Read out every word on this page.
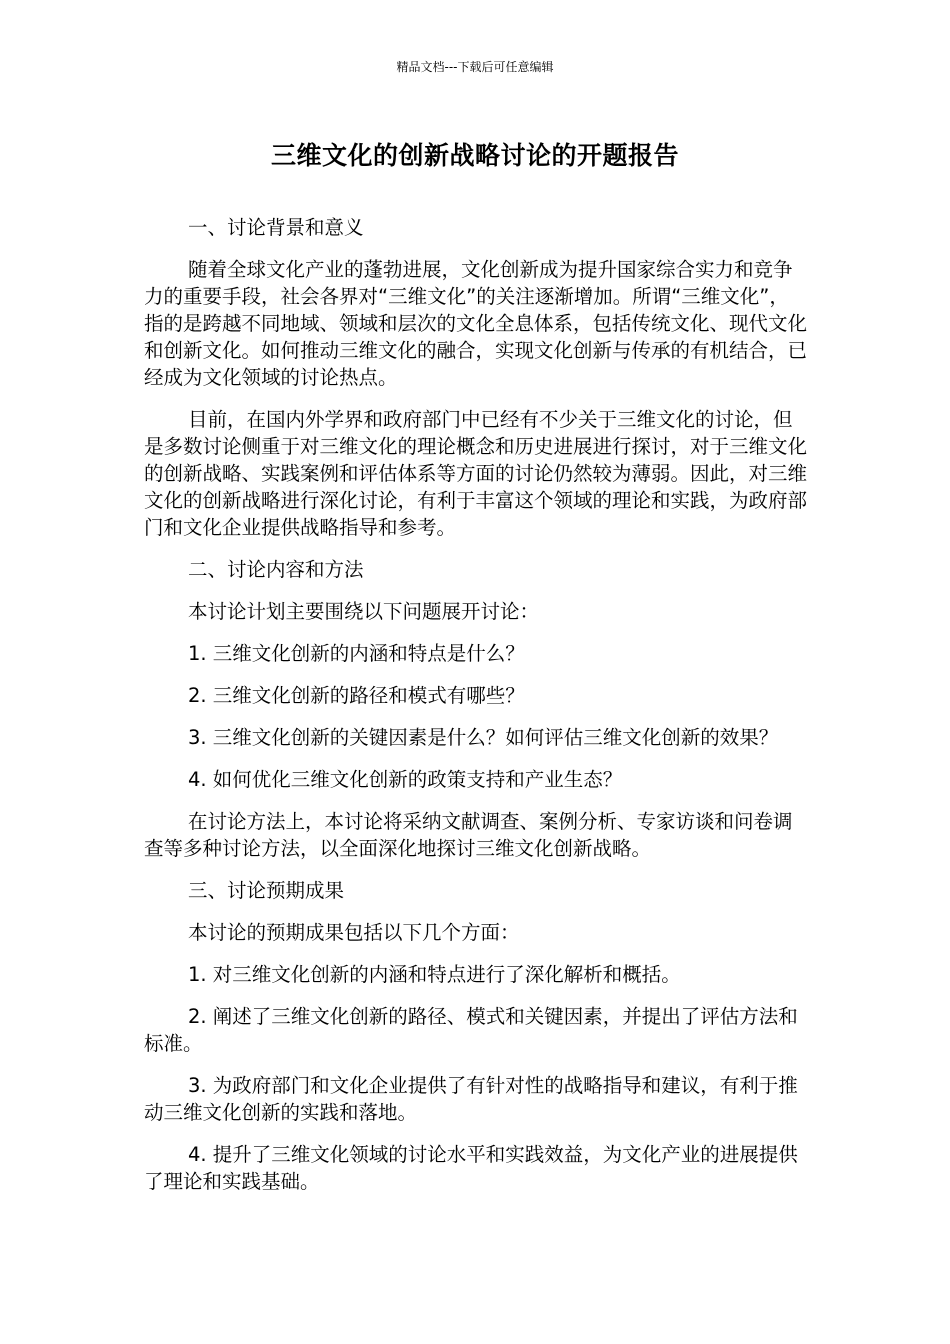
精品文档---下载后可任意编辑
三维文化的创新战略讨论的开题报告

一、讨论背景和意义

随着全球文化产业的蓬勃进展，文化创新成为提升国家综合实力和竞争力的重要手段，社会各界对“三维文化”的关注逐渐增加。所谓“三维文化”，指的是跨越不同地域、领域和层次的文化全息体系，包括传统文化、现代文化和创新文化。如何推动三维文化的融合，实现文化创新与传承的有机结合，已经成为文化领域的讨论热点。

目前，在国内外学界和政府部门中已经有不少关于三维文化的讨论，但是多数讨论侧重于对三维文化的理论概念和历史进展进行探讨，对于三维文化的创新战略、实践案例和评估体系等方面的讨论仍然较为薄弱。因此，对三维文化的创新战略进行深化讨论，有利于丰富这个领域的理论和实践，为政府部门和文化企业提供战略指导和参考。

二、讨论内容和方法

本讨论计划主要围绕以下问题展开讨论：

1. 三维文化创新的内涵和特点是什么？

2. 三维文化创新的路径和模式有哪些？

3. 三维文化创新的关键因素是什么？如何评估三维文化创新的效果？

4. 如何优化三维文化创新的政策支持和产业生态？

在讨论方法上，本讨论将采纳文献调查、案例分析、专家访谈和问卷调查等多种讨论方法，以全面深化地探讨三维文化创新战略。

三、讨论预期成果

本讨论的预期成果包括以下几个方面：

1. 对三维文化创新的内涵和特点进行了深化解析和概括。

2. 阐述了三维文化创新的路径、模式和关键因素，并提出了评估方法和标准。

3. 为政府部门和文化企业提供了有针对性的战略指导和建议，有利于推动三维文化创新的实践和落地。

4. 提升了三维文化领域的讨论水平和实践效益，为文化产业的进展提供了理论和实践基础。
